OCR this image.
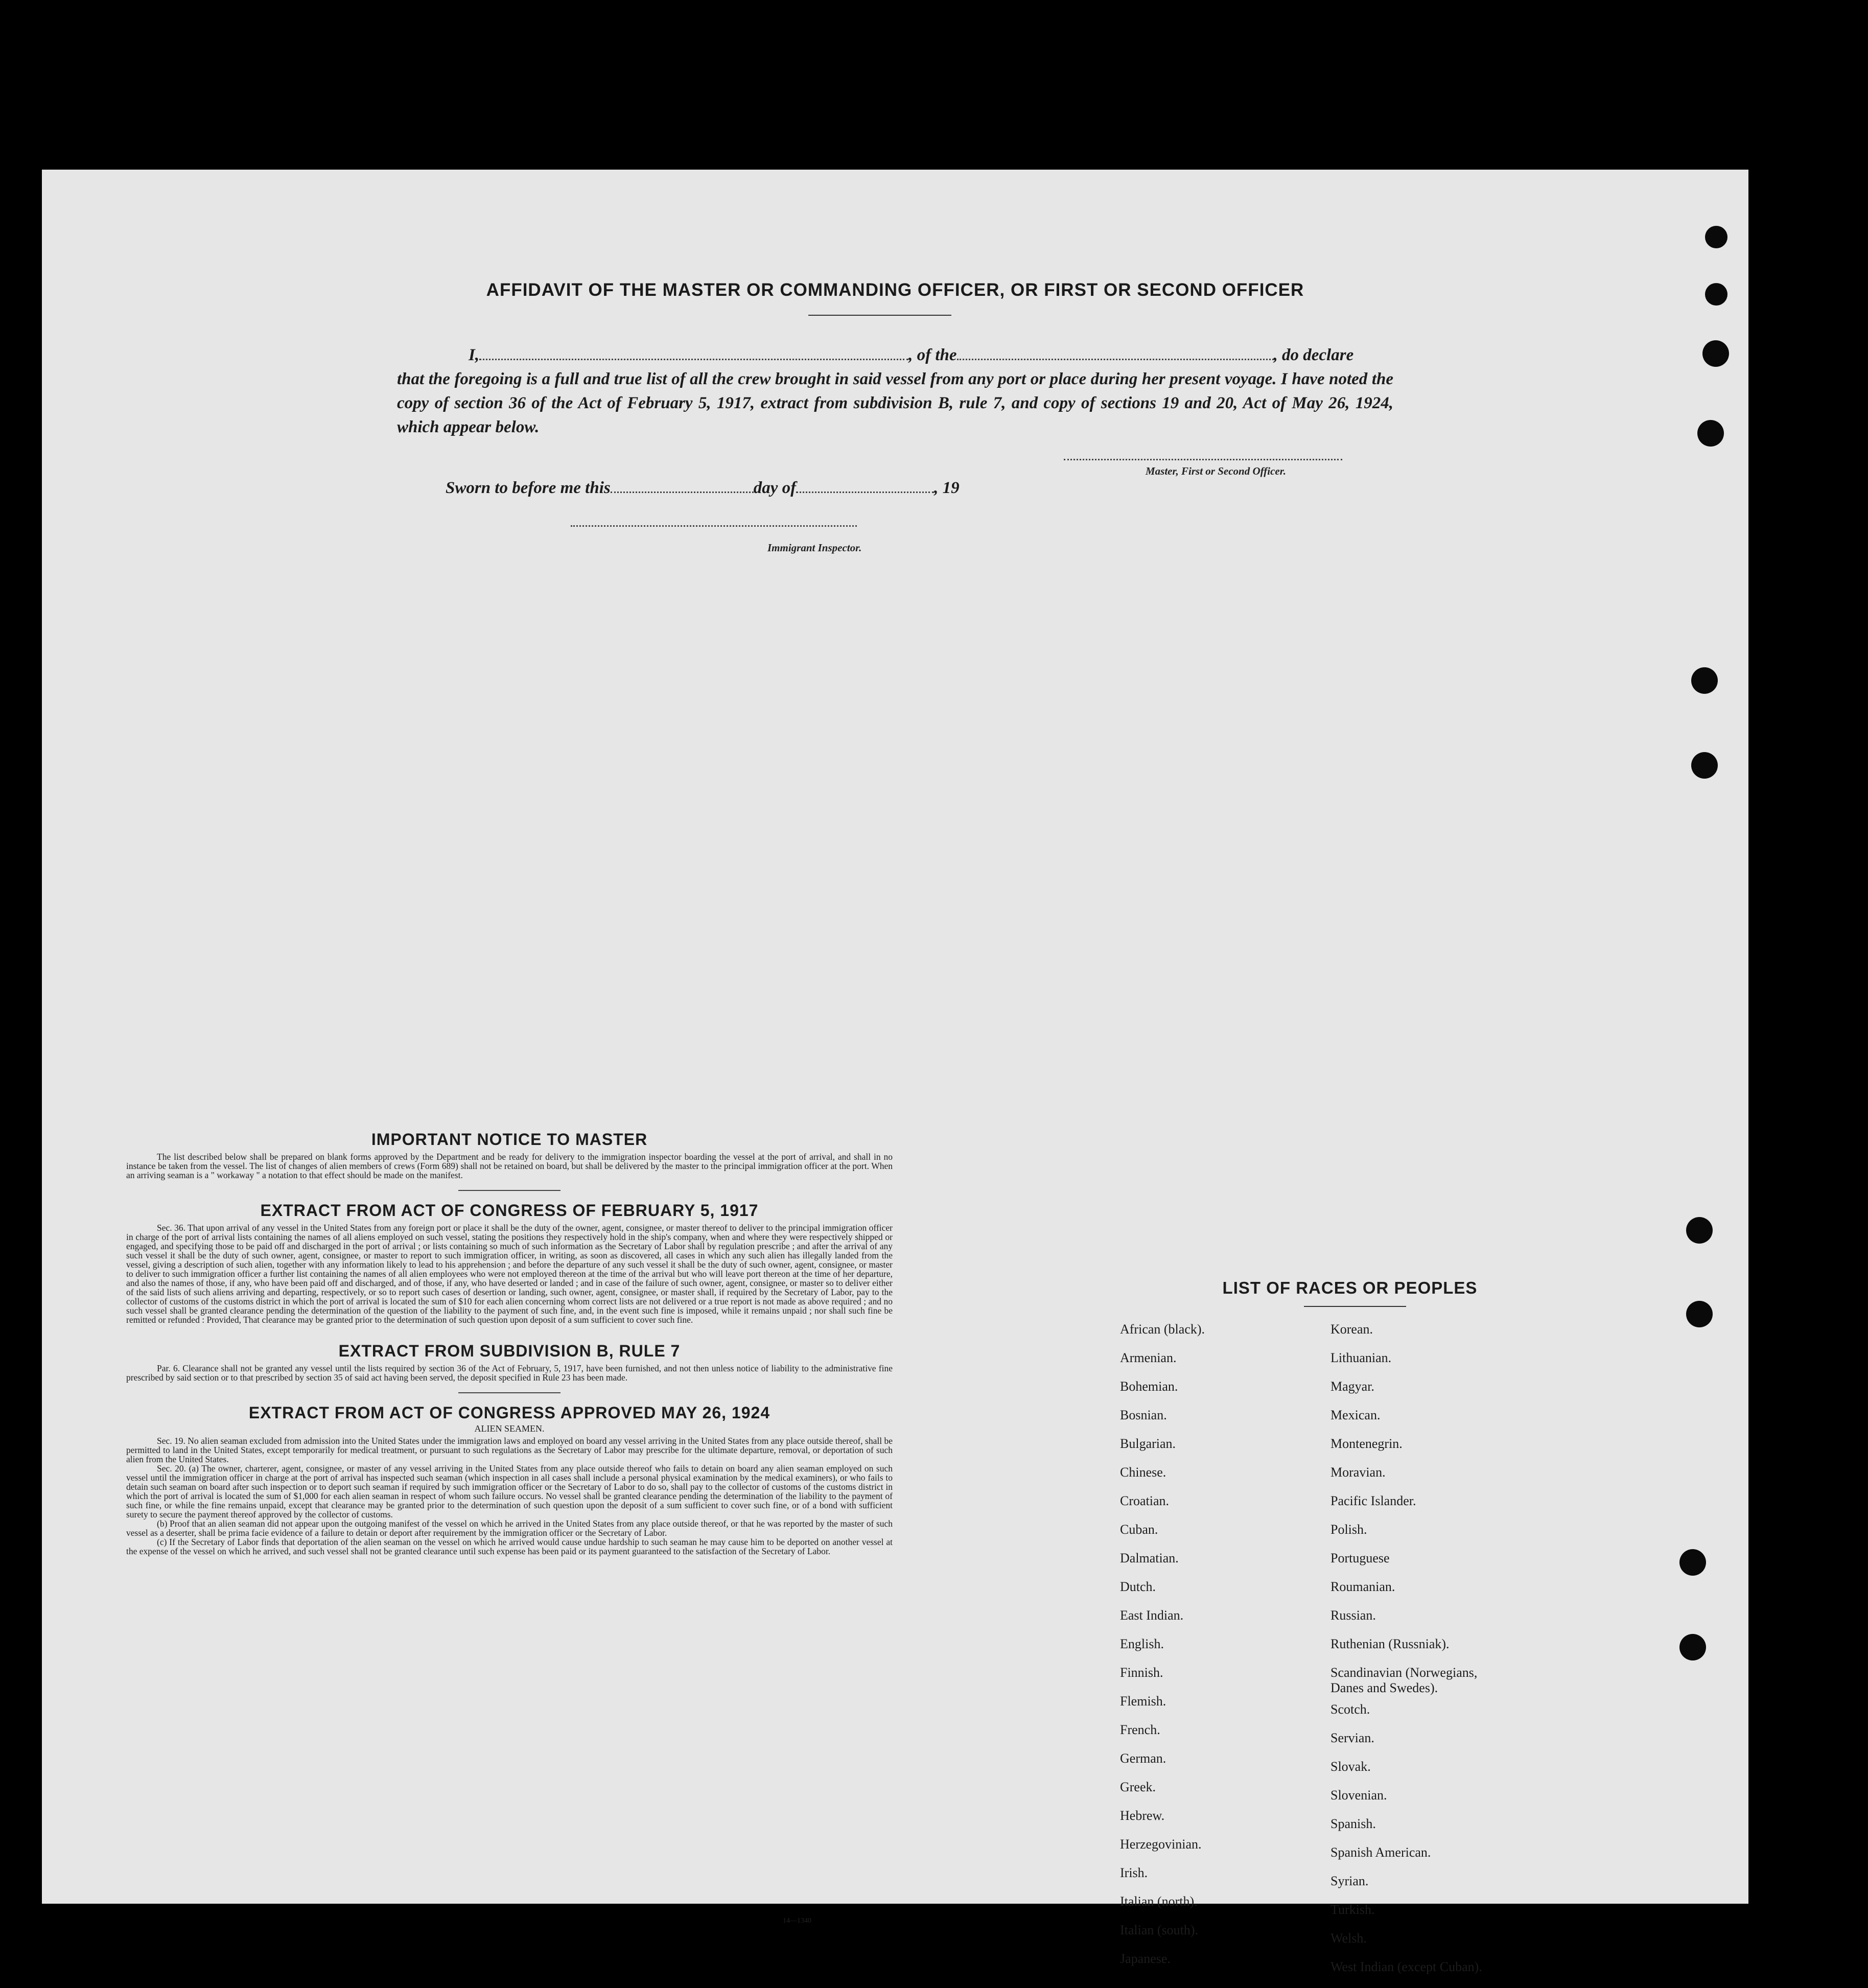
AFFIDAVIT OF THE MASTER OR COMMANDING OFFICER, OR FIRST OR SECOND OFFICER
I,	, of the	, do declare
that the foregoing is a full and true list of all the crew brought in said vessel from any port or place during her present voyage. I have noted the copy of section 36 of the Act of February 5, 1917, extract from subdivision B, rule 7, and copy of sections 19 and 20, Act of May 26, 1924, which appear below.
Master, First or Second Officer.
Sworn to before me this	day of	, 19
Immigrant Inspector.

IMPORTANT NOTICE TO MASTER

The list described below shall be prepared on blank forms approved by the Department and be ready for delivery to the immigration inspector boarding the vessel at the port of arrival, and shall in no instance be taken from the vessel. The list of changes of alien members of crews (Form 689) shall not be retained on board, but shall be delivered by the master to the principal immigration officer at the port. When an arriving seaman is a " workaway " a notation to that effect should be made on the manifest.

EXTRACT FROM ACT OF CONGRESS OF FEBRUARY 5, 1917

Sec. 36. That upon arrival of any vessel in the United States from any foreign port or place it shall be the duty of the owner, agent, consignee, or master thereof to deliver to the principal immigration officer in charge of the port of arrival lists containing the names of all aliens employed on such vessel, stating the positions they respectively hold in the ship's company, when and where they were respectively shipped or engaged, and specifying those to be paid off and discharged in the port of arrival ; or lists containing so much of such information as the Secretary of Labor shall by regulation prescribe ; and after the arrival of any such vessel it shall be the duty of such owner, agent, consignee, or master to report to such immigration officer, in writing, as soon as discovered, all cases in which any such alien has illegally landed from the vessel, giving a description of such alien, together with any information likely to lead to his apprehension ; and before the departure of any such vessel it shall be the duty of such owner, agent, consignee, or master to deliver to such immigration officer a further list containing the names of all alien employees who were not employed thereon at the time of the arrival but who will leave port thereon at the time of her departure, and also the names of those, if any, who have been paid off and discharged, and of those, if any, who have deserted or landed ; and in case of the failure of such owner, agent, consignee, or master so to deliver either of the said lists of such aliens arriving and departing, respectively, or so to report such cases of desertion or landing, such owner, agent, consignee, or master shall, if required by the Secretary of Labor, pay to the collector of customs of the customs district in which the port of arrival is located the sum of $10 for each alien concerning whom correct lists are not delivered or a true report is not made as above required ; and no such vessel shall be granted clearance pending the determination of the question of the liability to the payment of such fine, and, in the event such fine is imposed, while it remains unpaid ; nor shall such fine be remitted or refunded : Provided, That clearance may be granted prior to the determination of such question upon deposit of a sum sufficient to cover such fine.

EXTRACT FROM SUBDIVISION B, RULE 7

Par. 6. Clearance shall not be granted any vessel until the lists required by section 36 of the Act of February, 5, 1917, have been furnished, and not then unless notice of liability to the administrative fine prescribed by said section or to that prescribed by section 35 of said act having been served, the deposit specified in Rule 23 has been made.

EXTRACT FROM ACT OF CONGRESS APPROVED MAY 26, 1924

ALIEN SEAMEN.

Sec. 19. No alien seaman excluded from admission into the United States under the immigration laws and employed on board any vessel arriving in the United States from any place outside thereof, shall be permitted to land in the United States, except temporarily for medical treatment, or pursuant to such regulations as the Secretary of Labor may prescribe for the ultimate departure, removal, or deportation of such alien from the United States.

Sec. 20. (a) The owner, charterer, agent, consignee, or master of any vessel arriving in the United States from any place outside thereof who fails to detain on board any alien seaman employed on such vessel until the immigration officer in charge at the port of arrival has inspected such seaman (which inspection in all cases shall include a personal physical examination by the medical examiners), or who fails to detain such seaman on board after such inspection or to deport such seaman if required by such immigration officer or the Secretary of Labor to do so, shall pay to the collector of customs of the customs district in which the port of arrival is located the sum of $1,000 for each alien seaman in respect of whom such failure occurs. No vessel shall be granted clearance pending the determination of the liability to the payment of such fine, or while the fine remains unpaid, except that clearance may be granted prior to the determination of such question upon the deposit of a sum sufficient to cover such fine, or of a bond with sufficient surety to secure the payment thereof approved by the collector of customs.

(b) Proof that an alien seaman did not appear upon the outgoing manifest of the vessel on which he arrived in the United States from any place outside thereof, or that he was reported by the master of such vessel as a deserter, shall be prima facie evidence of a failure to detain or deport after requirement by the immigration officer or the Secretary of Labor.

(c) If the Secretary of Labor finds that deportation of the alien seaman on the vessel on which he arrived would cause undue hardship to such seaman he may cause him to be deported on another vessel at the expense of the vessel on which he arrived, and such vessel shall not be granted clearance until such expense has been paid or its payment guaranteed to the satisfaction of the Secretary of Labor.

14—1340
LIST OF RACES OR PEOPLES
African (black).
Armenian.
Bohemian.
Bosnian.
Bulgarian.
Chinese.
Croatian.
Cuban.
Dalmatian.
Dutch.
East Indian.
English.
Finnish.
Flemish.
French.
German.
Greek.
Hebrew.
Herzegovinian.
Irish.
Italian (north).
Italian (south).
Japanese.
Korean.
Lithuanian.
Magyar.
Mexican.
Montenegrin.
Moravian.
Pacific Islander.
Polish.
Portuguese
Roumanian.
Russian.
Ruthenian (Russniak).
Scandinavian (Norwegians,
Danes and Swedes).
Scotch.
Servian.
Slovak.
Slovenian.
Spanish.
Spanish American.
Syrian.
Turkish.
Welsh.
West Indian (except Cuban).
